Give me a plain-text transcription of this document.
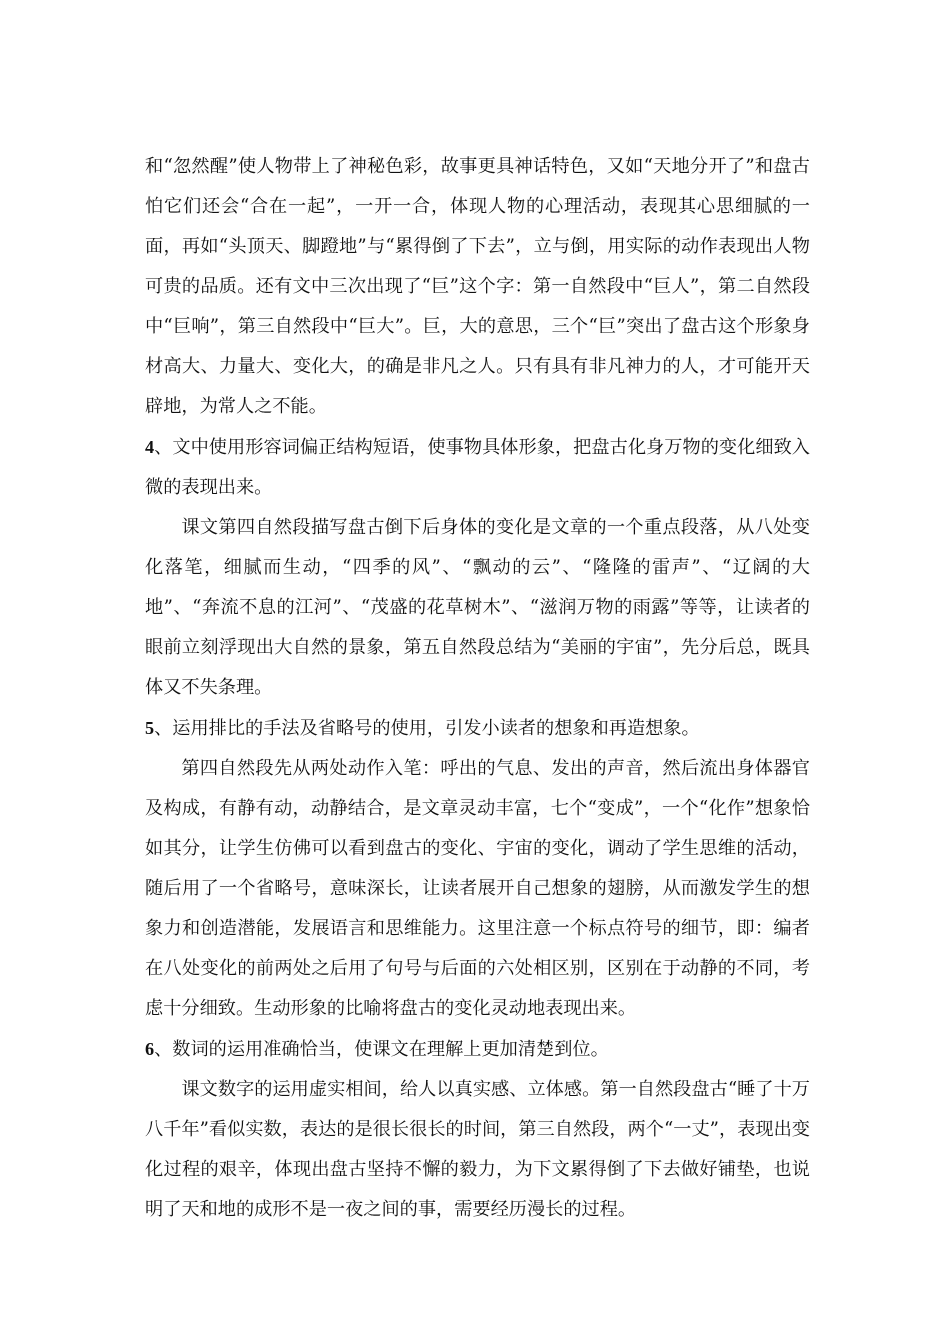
和“忽然醒”使人物带上了神秘色彩，故事更具神话特色，又如“天地分开了”和盘古怕它们还会“合在一起”，一开一合，体现人物的心理活动，表现其心思细腻的一面，再如“头顶天、脚蹬地”与“累得倒了下去”，立与倒，用实际的动作表现出人物可贵的品质。还有文中三次出现了“巨”这个字：第一自然段中“巨人”，第二自然段中“巨响”，第三自然段中“巨大”。巨，大的意思，三个“巨”突出了盘古这个形象身材高大、力量大、变化大，的确是非凡之人。只有具有非凡神力的人，才可能开天辟地，为常人之不能。

4、文中使用形容词偏正结构短语，使事物具体形象，把盘古化身万物的变化细致入微的表现出来。

课文第四自然段描写盘古倒下后身体的变化是文章的一个重点段落，从八处变化落笔，细腻而生动，“四季的风”、“飘动的云”、“隆隆的雷声”、“辽阔的大地”、“奔流不息的江河”、“茂盛的花草树木”、“滋润万物的雨露”等等，让读者的眼前立刻浮现出大自然的景象，第五自然段总结为“美丽的宇宙”，先分后总，既具体又不失条理。

5、运用排比的手法及省略号的使用，引发小读者的想象和再造想象。

第四自然段先从两处动作入笔：呼出的气息、发出的声音，然后流出身体器官及构成，有静有动，动静结合，是文章灵动丰富，七个“变成”，一个“化作”想象恰如其分，让学生仿佛可以看到盘古的变化、宇宙的变化，调动了学生思维的活动，随后用了一个省略号，意味深长，让读者展开自己想象的翅膀，从而激发学生的想象力和创造潜能，发展语言和思维能力。这里注意一个标点符号的细节，即：编者在八处变化的前两处之后用了句号与后面的六处相区别，区别在于动静的不同，考虑十分细致。生动形象的比喻将盘古的变化灵动地表现出来。

6、数词的运用准确恰当，使课文在理解上更加清楚到位。

课文数字的运用虚实相间，给人以真实感、立体感。第一自然段盘古“睡了十万八千年”看似实数，表达的是很长很长的时间，第三自然段，两个“一丈”，表现出变化过程的艰辛，体现出盘古坚持不懈的毅力，为下文累得倒了下去做好铺垫，也说明了天和地的成形不是一夜之间的事，需要经历漫长的过程。
